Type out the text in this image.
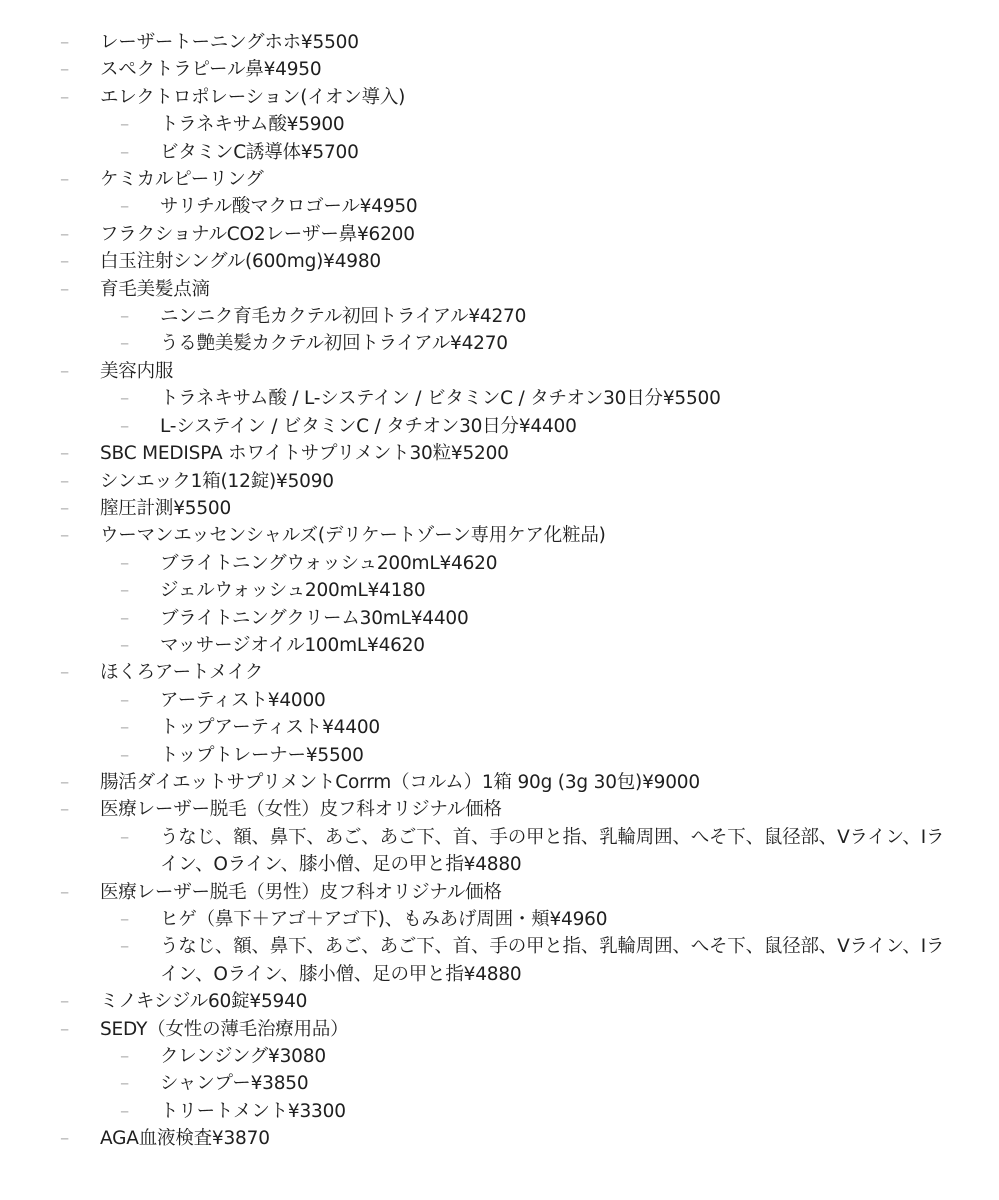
–	レーザートーニングホホ¥5500
–	スペクトラピール鼻¥4950
–	エレクトロポレーション(イオン導入)
–	トラネキサム酸¥5900
–	ビタミンC誘導体¥5700
–	ケミカルピーリング
–	サリチル酸マクロゴール¥4950
–	フラクショナルCO2レーザー鼻¥6200
–	白玉注射シングル(600mg)¥4980
–	育毛美髪点滴
–	ニンニク育毛カクテル初回トライアル¥4270
–	うる艶美髪カクテル初回トライアル¥4270
–	美容内服
–	トラネキサム酸 / L-システイン / ビタミンC / タチオン30日分¥5500
–	L-システイン / ビタミンC / タチオン30日分¥4400
–	SBC MEDISPA ホワイトサプリメント30粒¥5200
–	シンエック1箱(12錠)¥5090
–	膣圧計測¥5500
–	ウーマンエッセンシャルズ(デリケートゾーン専用ケア化粧品)
–	ブライトニングウォッシュ200mL¥4620
–	ジェルウォッシュ200mL¥4180
–	ブライトニングクリーム30mL¥4400
–	マッサージオイル100mL¥4620
–	ほくろアートメイク
–	アーティスト¥4000
–	トップアーティスト¥4400
–	トップトレーナー¥5500
–	腸活ダイエットサプリメントCorrm（コルム）1箱 90g (3g 30包)¥9000
–	医療レーザー脱毛（女性）皮フ科オリジナル価格
–	うなじ、額、鼻下、あご、あご下、首、手の甲と指、乳輪周囲、へそ下、鼠径部、Vライン、Iライン、Oライン、膝小僧、足の甲と指¥4880
–	医療レーザー脱毛（男性）皮フ科オリジナル価格
–	ヒゲ（鼻下＋アゴ＋アゴ下)、もみあげ周囲・頬¥4960
–	うなじ、額、鼻下、あご、あご下、首、手の甲と指、乳輪周囲、へそ下、鼠径部、Vライン、Iライン、Oライン、膝小僧、足の甲と指¥4880
–	ミノキシジル60錠¥5940
–	SEDY（女性の薄毛治療用品）
–	クレンジング¥3080
–	シャンプー¥3850
–	トリートメント¥3300
–	AGA血液検査¥3870
